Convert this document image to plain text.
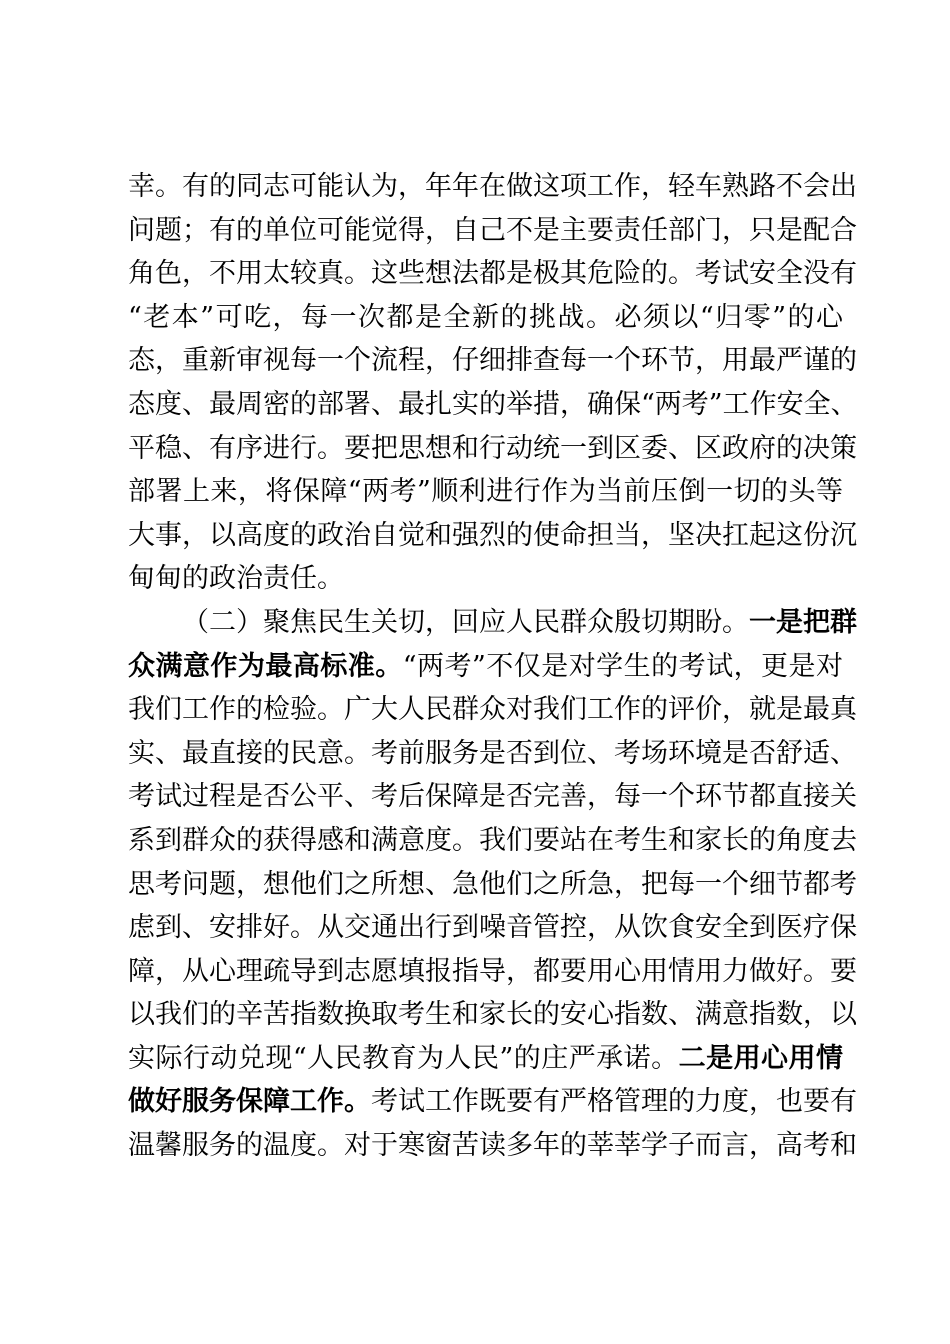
幸。有的同志可能认为，年年在做这项工作，轻车熟路不会出
问题；有的单位可能觉得，自己不是主要责任部门，只是配合
角色，不用太较真。这些想法都是极其危险的。考试安全没有
“老本”可吃，每一次都是全新的挑战。必须以“归零”的心
态，重新审视每一个流程，仔细排查每一个环节，用最严谨的
态度、最周密的部署、最扎实的举措，确保“两考”工作安全、
平稳、有序进行。要把思想和行动统一到区委、区政府的决策
部署上来，将保障“两考”顺利进行作为当前压倒一切的头等
大事，以高度的政治自觉和强烈的使命担当，坚决扛起这份沉
甸甸的政治责任。
（二）聚焦民生关切，回应人民群众殷切期盼。一是把群
众满意作为最高标准。“两考”不仅是对学生的考试，更是对
我们工作的检验。广大人民群众对我们工作的评价，就是最真
实、最直接的民意。考前服务是否到位、考场环境是否舒适、
考试过程是否公平、考后保障是否完善，每一个环节都直接关
系到群众的获得感和满意度。我们要站在考生和家长的角度去
思考问题，想他们之所想、急他们之所急，把每一个细节都考
虑到、安排好。从交通出行到噪音管控，从饮食安全到医疗保
障，从心理疏导到志愿填报指导，都要用心用情用力做好。要
以我们的辛苦指数换取考生和家长的安心指数、满意指数，以
实际行动兑现“人民教育为人民”的庄严承诺。二是用心用情
做好服务保障工作。考试工作既要有严格管理的力度，也要有
温馨服务的温度。对于寒窗苦读多年的莘莘学子而言，高考和
